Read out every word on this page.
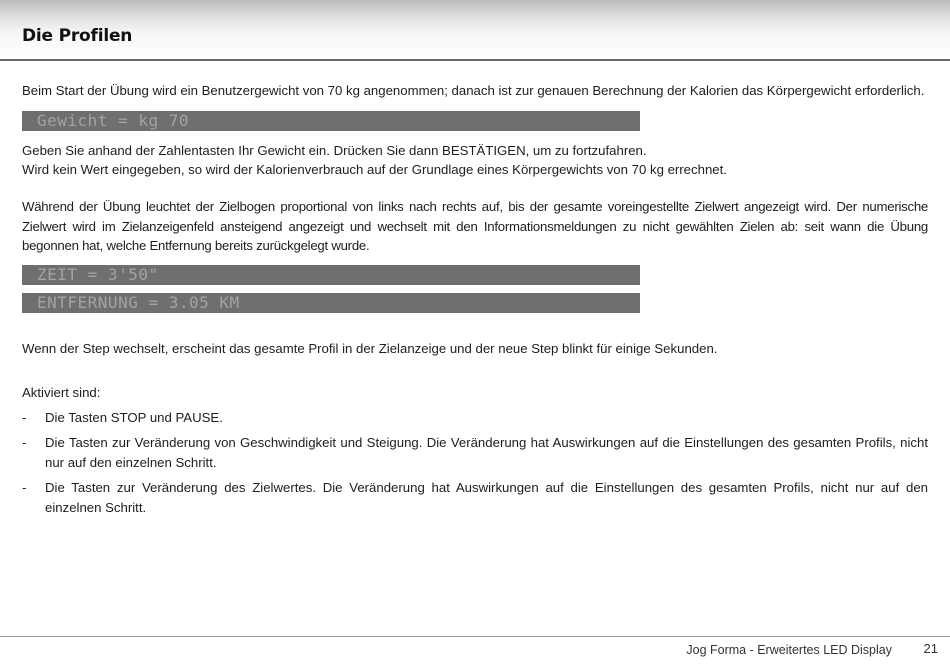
Die Profilen
Beim Start der Übung wird ein Benutzergewicht von 70 kg angenommen; danach ist zur genauen Berechnung der Kalorien das Körpergewicht erforderlich.
Gewicht = kg 70
Geben Sie anhand der Zahlentasten Ihr Gewicht ein. Drücken Sie dann BESTÄTIGEN, um zu fortzufahren.
Wird kein Wert eingegeben, so wird der Kalorienverbrauch auf der Grundlage eines Körpergewichts von 70 kg errechnet.
Während der Übung leuchtet der Zielbogen proportional von links nach rechts auf, bis der gesamte voreingestellte Zielwert angezeigt wird. Der numerische Zielwert wird im Zielanzeigenfeld ansteigend angezeigt und wechselt mit den Informationsmeldungen zu nicht gewählten Zielen ab: seit wann die Übung begonnen hat, welche Entfernung bereits zurückgelegt wurde.
ZEIT = 3'50"
ENTFERNUNG = 3.05 KM
Wenn der Step wechselt, erscheint das gesamte Profil in der Zielanzeige und der neue Step blinkt für einige Sekunden.
Aktiviert sind:
- Die Tasten STOP und PAUSE.
- Die Tasten zur Veränderung von Geschwindigkeit und Steigung. Die Veränderung hat Auswirkungen auf die Einstellungen des gesamten Profils, nicht nur auf den einzelnen Schritt.
- Die Tasten zur Veränderung des Zielwertes. Die Veränderung hat Auswirkungen auf die Einstellungen des gesamten Profils, nicht nur auf den einzelnen Schritt.
Jog Forma - Erweitertes LED Display 21
